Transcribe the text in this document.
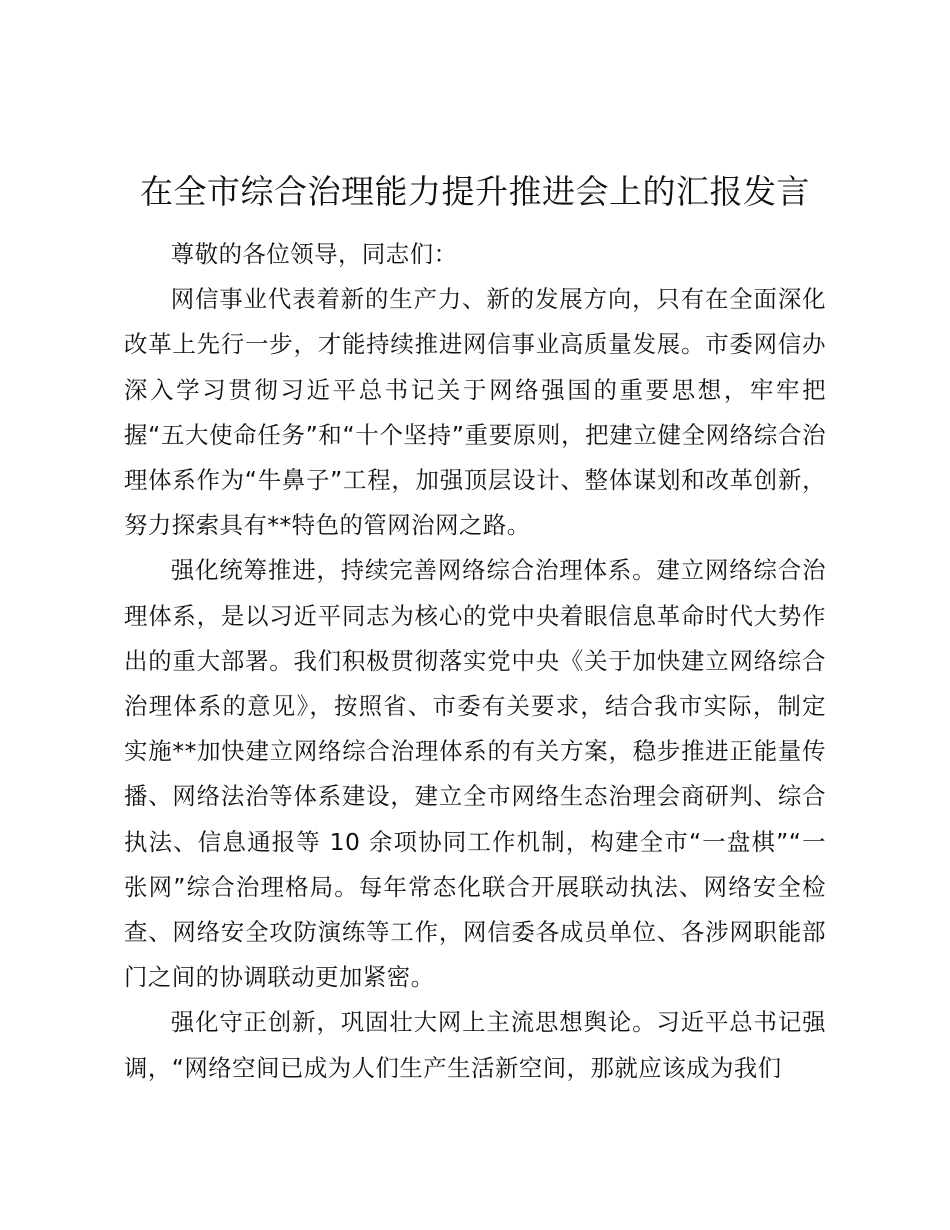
在全市综合治理能力提升推进会上的汇报发言

尊敬的各位领导，同志们：

网信事业代表着新的生产力、新的发展方向，只有在全面深化改革上先行一步，才能持续推进网信事业高质量发展。市委网信办深入学习贯彻习近平总书记关于网络强国的重要思想，牢牢把握“五大使命任务”和“十个坚持”重要原则，把建立健全网络综合治理体系作为“牛鼻子”工程，加强顶层设计、整体谋划和改革创新，努力探索具有**特色的管网治网之路。

强化统筹推进，持续完善网络综合治理体系。建立网络综合治理体系，是以习近平同志为核心的党中央着眼信息革命时代大势作出的重大部署。我们积极贯彻落实党中央《关于加快建立网络综合治理体系的意见》，按照省、市委有关要求，结合我市实际，制定实施**加快建立网络综合治理体系的有关方案，稳步推进正能量传播、网络法治等体系建设，建立全市网络生态治理会商研判、综合执法、信息通报等 10 余项协同工作机制，构建全市“一盘棋”“一张网”综合治理格局。每年常态化联合开展联动执法、网络安全检查、网络安全攻防演练等工作，网信委各成员单位、各涉网职能部门之间的协调联动更加紧密。

强化守正创新，巩固壮大网上主流思想舆论。习近平总书记强调，“网络空间已成为人们生产生活新空间，那就应该成为我们
